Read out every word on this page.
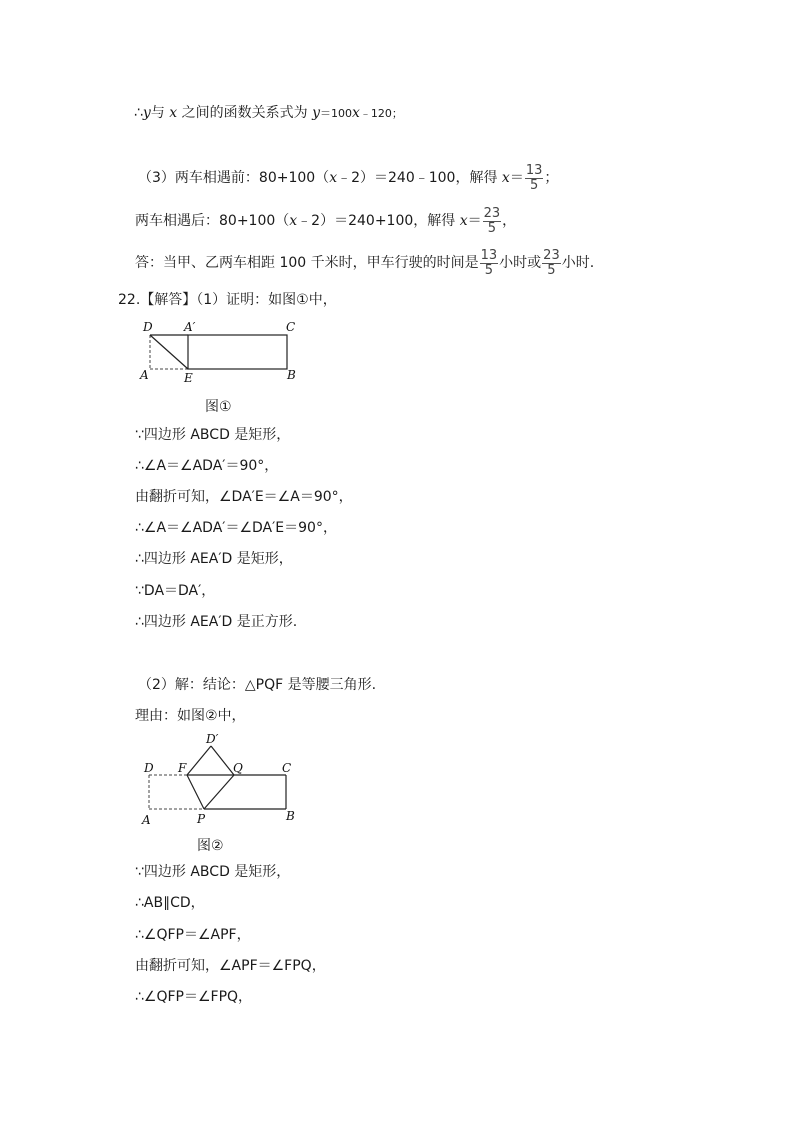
∴y与 x 之间的函数关系式为 y＝100x﹣120；
（3）两车相遇前：80+100（x﹣2）＝240﹣100，解得 $x= \frac{13}{5}$ ；
两车相遇后：80+100（x﹣2）＝240+100，解得 $x= \frac{23}{5}$ ，
答：当甲、乙两车相距 100 千米时，甲车行驶的时间是 $\frac{13}{5}$ 小时或 $\frac{23}{5}$ 小时.
22.【解答】（1）证明：如图①中，
D	A′	C
A	E	B
图①
∵四边形 ABCD 是矩形，
∴∠A＝∠ADA′＝90°，
由翻折可知，∠DA′E＝∠A＝90°，
∴∠A＝∠ADA′＝∠DA′E＝90°，
∴四边形 AEA′D 是矩形，
∵DA＝DA′，
∴四边形 AEA′D 是正方形.
（2）解：结论：△PQF 是等腰三角形.
理由：如图②中，
D′
D F	Q	C
A	P	B
图②
∵四边形 ABCD 是矩形，
∴AB∥CD，
∴∠QFP＝∠APF，
由翻折可知，∠APF＝∠FPQ，
∴∠QFP＝∠FPQ，
